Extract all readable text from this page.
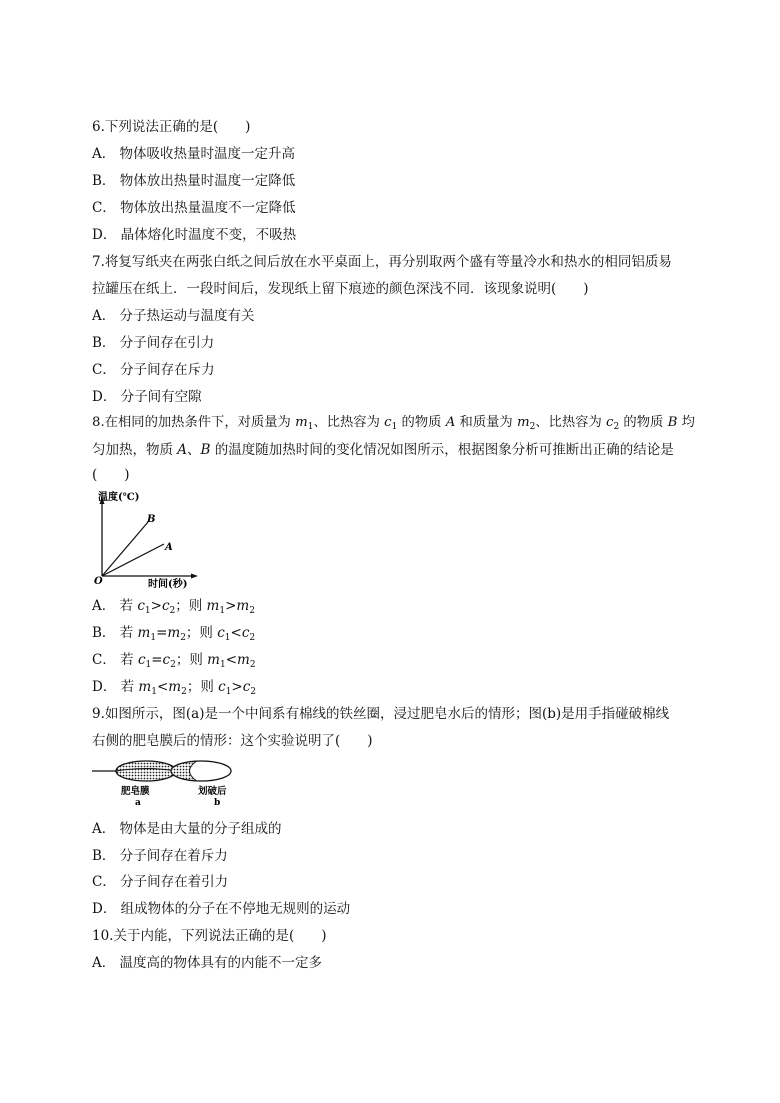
6.下列说法正确的是(　　)
A． 物体吸收热量时温度一定升高
B． 物体放出热量时温度一定降低
C． 物体放出热量温度不一定降低
D． 晶体熔化时温度不变，不吸热
7.将复写纸夹在两张白纸之间后放在水平桌面上，再分别取两个盛有等量冷水和热水的相同铝质易
拉罐压在纸上．一段时间后，发现纸上留下痕迹的颜色深浅不同．该现象说明(　　)
A． 分子热运动与温度有关
B． 分子间存在引力
C． 分子间存在斥力
D． 分子间有空隙
8.在相同的加热条件下，对质量为 $m_1$、比热容为 $c_1$ 的物质 A 和质量为 $m_2$、比热容为 $c_2$ 的物质 B 均
匀加热，物质 A、B 的温度随加热时间的变化情况如图所示，根据图象分析可推断出正确的结论是
(　　)
温度(℃)
时间(秒)
O
B
A
A． 若 $c_1>c_2$；则 $m_1>m_2$
B． 若 $m_1=m_2$；则 $c_1<c_2$
C． 若 $c_1=c_2$；则 $m_1<m_2$
D． 若 $m_1<m_2$；则 $c_1>c_2$
9.如图所示，图(a)是一个中间系有棉线的铁丝圈，浸过肥皂水后的情形；图(b)是用手指碰破棉线
右侧的肥皂膜后的情形：这个实验说明了(　　)
肥皂膜
a
划破后
b
A． 物体是由大量的分子组成的
B． 分子间存在着斥力
C． 分子间存在着引力
D． 组成物体的分子在不停地无规则的运动
10.关于内能，下列说法正确的是(　　)
A． 温度高的物体具有的内能不一定多
